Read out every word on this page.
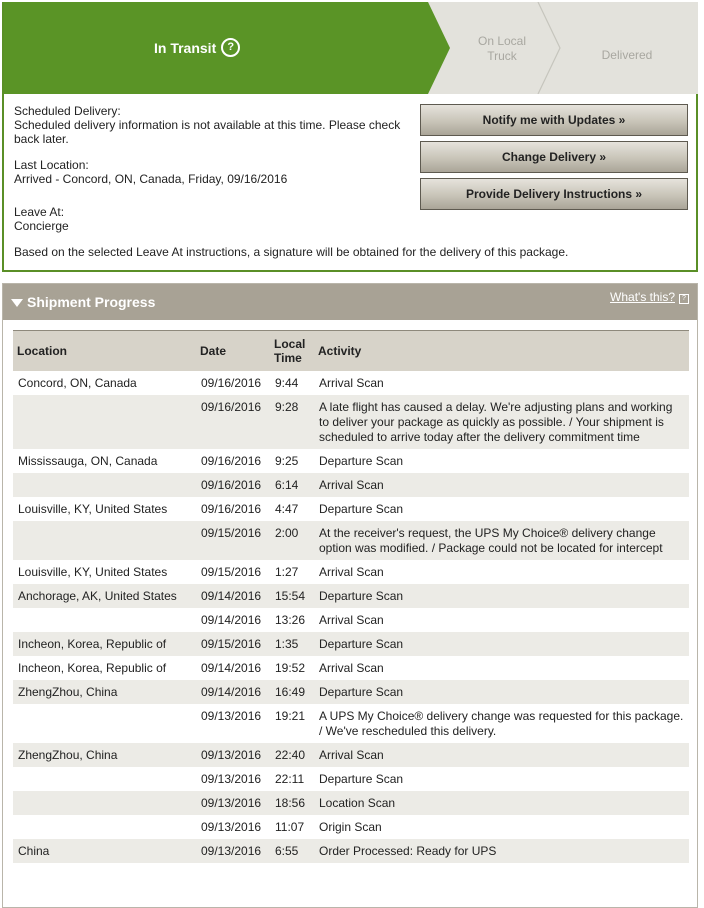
In Transit	?	On Local Truck	Delivered
Scheduled Delivery:
Scheduled delivery information is not available at this time. Please check back later.
Last Location:
Arrived - Concord, ON, Canada, Friday, 09/16/2016
Leave At:
Concierge
Based on the selected Leave At instructions, a signature will be obtained for the delivery of this package.
Notify me with Updates »
Change Delivery »
Provide Delivery Instructions »
Shipment Progress	What's this?	?
Location	Date	Local Time	Activity
Concord, ON, Canada	09/16/2016	9:44	Arrival Scan
	09/16/2016	9:28	A late flight has caused a delay. We're adjusting plans and working to deliver your package as quickly as possible. / Your shipment is scheduled to arrive today after the delivery commitment time
Mississauga, ON, Canada	09/16/2016	9:25	Departure Scan
	09/16/2016	6:14	Arrival Scan
Louisville, KY, United States	09/16/2016	4:47	Departure Scan
	09/15/2016	2:00	At the receiver's request, the UPS My Choice® delivery change option was modified. / Package could not be located for intercept
Louisville, KY, United States	09/15/2016	1:27	Arrival Scan
Anchorage, AK, United States	09/14/2016	15:54	Departure Scan
	09/14/2016	13:26	Arrival Scan
Incheon, Korea, Republic of	09/15/2016	1:35	Departure Scan
Incheon, Korea, Republic of	09/14/2016	19:52	Arrival Scan
ZhengZhou, China	09/14/2016	16:49	Departure Scan
	09/13/2016	19:21	A UPS My Choice® delivery change was requested for this package. / We've rescheduled this delivery.
ZhengZhou, China	09/13/2016	22:40	Arrival Scan
	09/13/2016	22:11	Departure Scan
	09/13/2016	18:56	Location Scan
	09/13/2016	11:07	Origin Scan
China	09/13/2016	6:55	Order Processed: Ready for UPS
